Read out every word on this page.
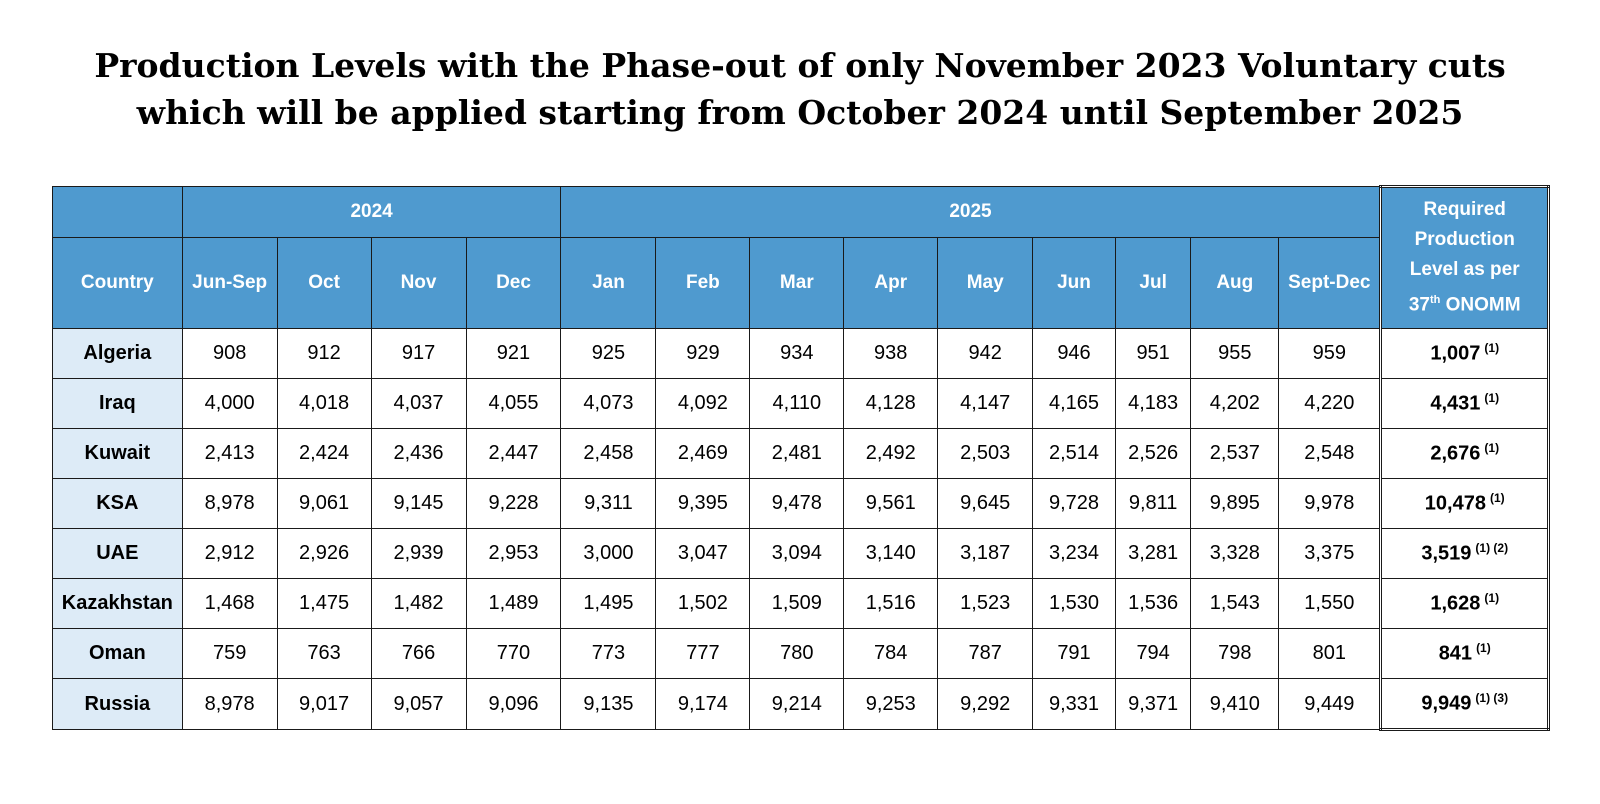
Production Levels with the Phase-out of only November 2023 Voluntary cuts
which will be applied starting from October 2024 until September 2025
	2024				2025									Required
Production
Level as per
37th ONOMM
Country	Jun-Sep	Oct	Nov	Dec	Jan	Feb	Mar	Apr	May	Jun	Jul	Aug	Sept-Dec	
Algeria	908	912	917	921	925	929	934	938	942	946	951	955	959	1,007 $^{(1)}$
Iraq	4,000	4,018	4,037	4,055	4,073	4,092	4,110	4,128	4,147	4,165	4,183	4,202	4,220	4,431 $^{(1)}$
Kuwait	2,413	2,424	2,436	2,447	2,458	2,469	2,481	2,492	2,503	2,514	2,526	2,537	2,548	2,676 $^{(1)}$
KSA	8,978	9,061	9,145	9,228	9,311	9,395	9,478	9,561	9,645	9,728	9,811	9,895	9,978	10,478 $^{(1)}$
UAE	2,912	2,926	2,939	2,953	3,000	3,047	3,094	3,140	3,187	3,234	3,281	3,328	3,375	3,519 $^{(1) (2)}$
Kazakhstan	1,468	1,475	1,482	1,489	1,495	1,502	1,509	1,516	1,523	1,530	1,536	1,543	1,550	1,628 $^{(1)}$
Oman	759	763	766	770	773	777	780	784	787	791	794	798	801	841 $^{(1)}$
Russia	8,978	9,017	9,057	9,096	9,135	9,174	9,214	9,253	9,292	9,331	9,371	9,410	9,449	9,949 $^{(1) (3)}$
